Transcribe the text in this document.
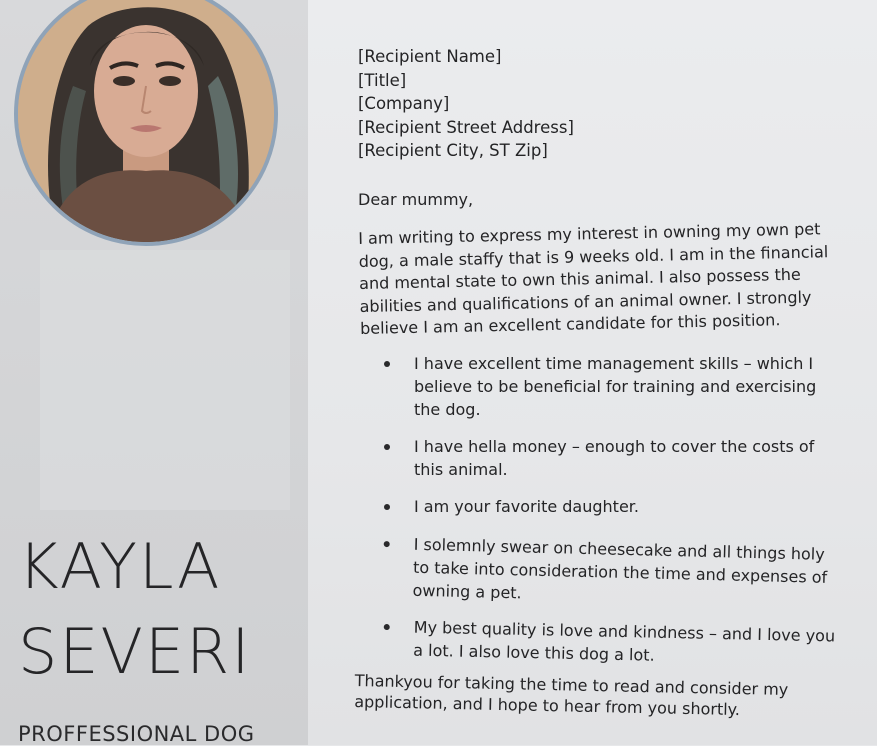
KAYLA
SEVERI
PROFFESSIONAL DOG
[Recipient Name]
[Title]
[Company]
[Recipient Street Address]
[Recipient City, ST Zip]
Dear mummy,
I am writing to express my interest in owning my own pet
dog, a male staffy that is 9 weeks old. I am in the financial
and mental state to own this animal. I also possess the
abilities and qualifications of an animal owner. I strongly
believe I am an excellent candidate for this position.
I have excellent time management skills – which I
believe to be beneficial for training and exercising
the dog.
I have hella money – enough to cover the costs of
this animal.
I am your favorite daughter.
I solemnly swear on cheesecake and all things holy
to take into consideration the time and expenses of
owning a pet.
My best quality is love and kindness – and I love you
a lot. I also love this dog a lot.
Thankyou for taking the time to read and consider my
application, and I hope to hear from you shortly.
